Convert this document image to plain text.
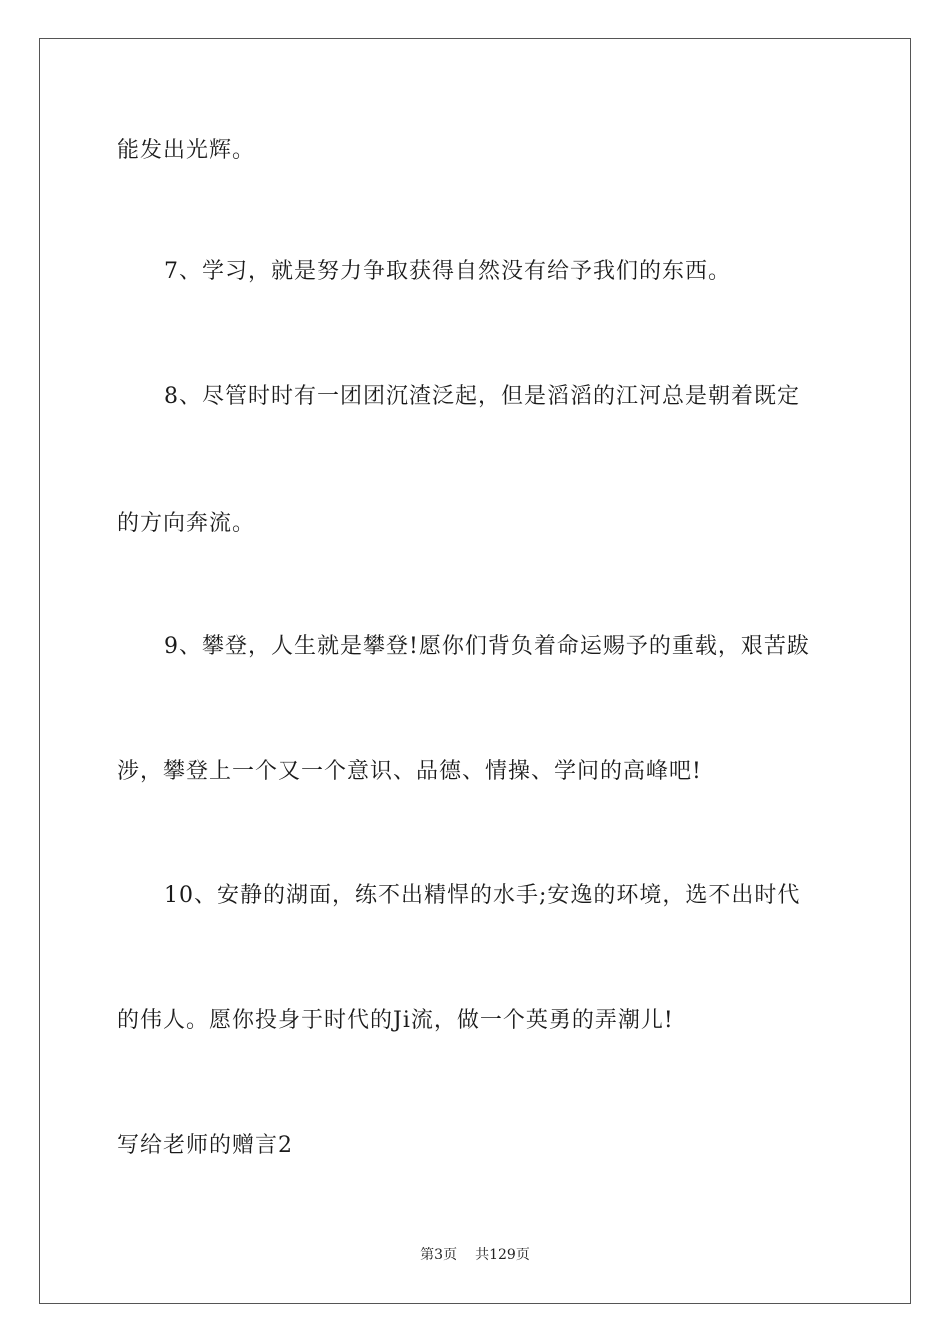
能发出光辉。
7、学习，就是努力争取获得自然没有给予我们的东西。
8、尽管时时有一团团沉渣泛起，但是滔滔的江河总是朝着既定
的方向奔流。
9、攀登，人生就是攀登!愿你们背负着命运赐予的重载，艰苦跋
涉，攀登上一个又一个意识、品德、情操、学问的高峰吧!
10、安静的湖面，练不出精悍的水手;安逸的环境，选不出时代
的伟人。愿你投身于时代的Ji流，做一个英勇的弄潮儿!
写给老师的赠言2
第3页 共129页
